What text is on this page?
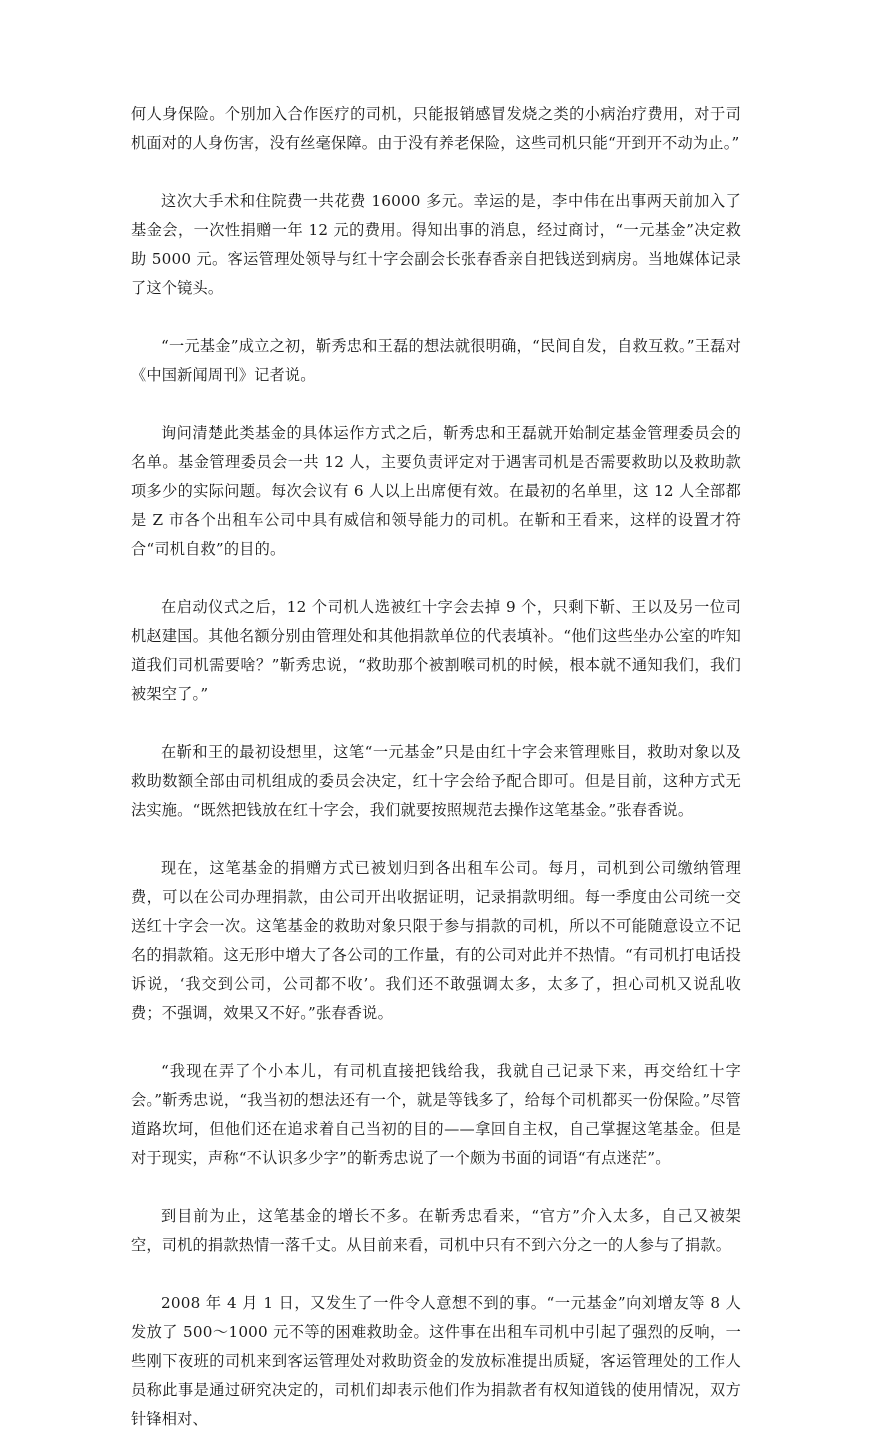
何人身保险。个别加入合作医疗的司机，只能报销感冒发烧之类的小病治疗费用，对于司机面对的人身伤害，没有丝毫保障。由于没有养老保险，这些司机只能“开到开不动为止。”

这次大手术和住院费一共花费 16000 多元。幸运的是，李中伟在出事两天前加入了基金会，一次性捐赠一年 12 元的费用。得知出事的消息，经过商讨，“一元基金”决定救助 5000 元。客运管理处领导与红十字会副会长张春香亲自把钱送到病房。当地媒体记录了这个镜头。

“一元基金”成立之初，靳秀忠和王磊的想法就很明确，“民间自发，自救互救。”王磊对《中国新闻周刊》记者说。

询问清楚此类基金的具体运作方式之后，靳秀忠和王磊就开始制定基金管理委员会的名单。基金管理委员会一共 12 人，主要负责评定对于遇害司机是否需要救助以及救助款项多少的实际问题。每次会议有 6 人以上出席便有效。在最初的名单里，这 12 人全部都是 Z 市各个出租车公司中具有威信和领导能力的司机。在靳和王看来，这样的设置才符合“司机自救”的目的。

在启动仪式之后，12 个司机人选被红十字会去掉 9 个，只剩下靳、王以及另一位司机赵建国。其他名额分别由管理处和其他捐款单位的代表填补。“他们这些坐办公室的咋知道我们司机需要啥？”靳秀忠说，“救助那个被割喉司机的时候，根本就不通知我们，我们被架空了。”

在靳和王的最初设想里，这笔“一元基金”只是由红十字会来管理账目，救助对象以及救助数额全部由司机组成的委员会决定，红十字会给予配合即可。但是目前，这种方式无法实施。“既然把钱放在红十字会，我们就要按照规范去操作这笔基金。”张春香说。

现在，这笔基金的捐赠方式已被划归到各出租车公司。每月，司机到公司缴纳管理费，可以在公司办理捐款，由公司开出收据证明，记录捐款明细。每一季度由公司统一交送红十字会一次。这笔基金的救助对象只限于参与捐款的司机，所以不可能随意设立不记名的捐款箱。这无形中增大了各公司的工作量，有的公司对此并不热情。“有司机打电话投诉说，‘我交到公司，公司都不收’。我们还不敢强调太多，太多了，担心司机又说乱收费；不强调，效果又不好。”张春香说。

“我现在弄了个小本儿，有司机直接把钱给我，我就自己记录下来，再交给红十字会。”靳秀忠说，“我当初的想法还有一个，就是等钱多了，给每个司机都买一份保险。”尽管道路坎坷，但他们还在追求着自己当初的目的——拿回自主权，自己掌握这笔基金。但是对于现实，声称“不认识多少字”的靳秀忠说了一个颇为书面的词语“有点迷茫”。

到目前为止，这笔基金的增长不多。在靳秀忠看来，“官方”介入太多，自己又被架空，司机的捐款热情一落千丈。从目前来看，司机中只有不到六分之一的人参与了捐款。

2008 年 4 月 1 日，又发生了一件令人意想不到的事。“一元基金”向刘增友等 8 人发放了 500～1000 元不等的困难救助金。这件事在出租车司机中引起了强烈的反响，一些刚下夜班的司机来到客运管理处对救助资金的发放标准提出质疑，客运管理处的工作人员称此事是通过研究决定的，司机们却表示他们作为捐款者有权知道钱的使用情况，双方针锋相对、
